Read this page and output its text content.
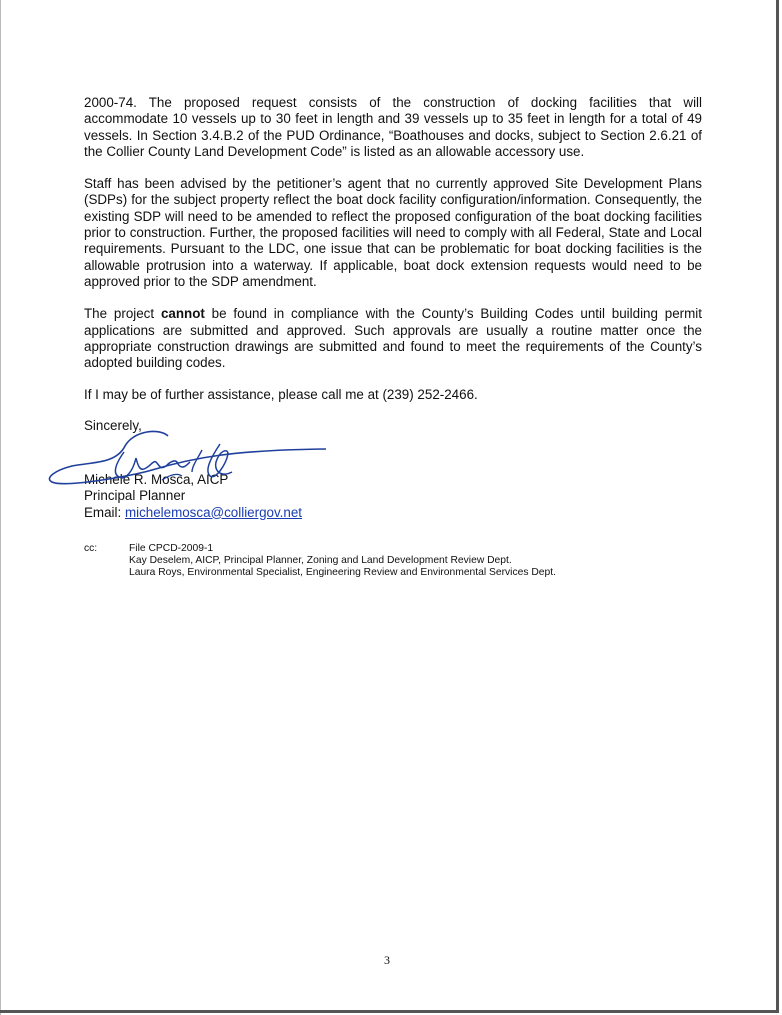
2000-74. The proposed request consists of the construction of docking facilities that will
accommodate 10 vessels up to 30 feet in length and 39 vessels up to 35 feet in length for a total of 49 vessels. In Section 3.4.B.2 of the PUD Ordinance, “Boathouses and docks, subject to Section 2.6.21 of the Collier County Land Development Code” is listed as an allowable accessory use.

Staff has been advised by the petitioner’s agent that no currently approved Site Development Plans (SDPs) for the subject property reflect the boat dock facility configuration/information. Consequently, the existing SDP will need to be amended to reflect the proposed configuration of the boat docking facilities prior to construction. Further, the proposed facilities will need to comply with all Federal, State and Local requirements. Pursuant to the LDC, one issue that can be problematic for boat docking facilities is the allowable protrusion into a waterway. If applicable, boat dock extension requests would need to be approved prior to the SDP amendment.

The project cannot be found in compliance with the County’s Building Codes until building permit applications are submitted and approved. Such approvals are usually a routine matter once the appropriate construction drawings are submitted and found to meet the requirements of the County’s adopted building codes.

If I may be of further assistance, please call me at (239) 252-2466.

Sincerely,

Michele R. Mosca, AICP

Principal Planner

Email: michelemosca@colliergov.net

cc:	File CPCD-2009-1
Kay Deselem, AICP, Principal Planner, Zoning and Land Development Review Dept.
Laura Roys, Environmental Specialist, Engineering Review and Environmental Services Dept.
3
